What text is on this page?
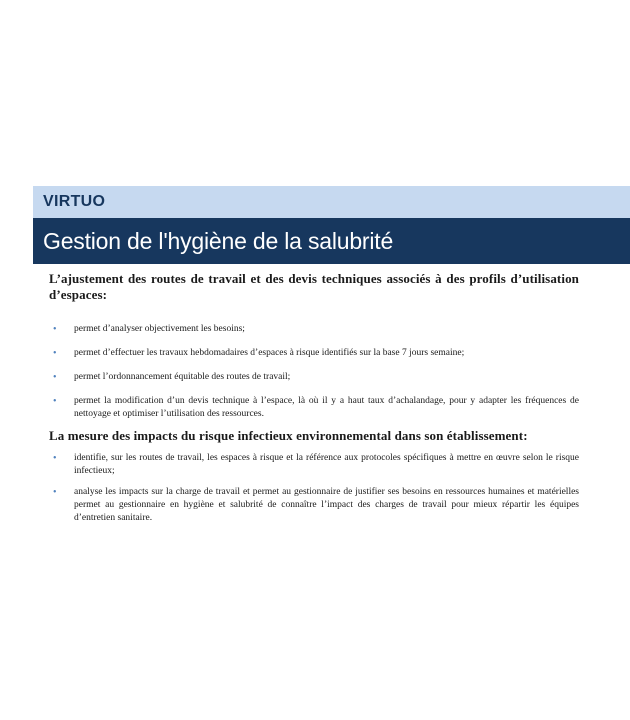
VIRTUO
Gestion de l'hygiène de la salubrité

L’ajustement des routes de travail et des devis techniques associés à des profils d’utilisation d’espaces:

• permet d’analyser objectivement les besoins;
• permet d’effectuer les travaux hebdomadaires d’espaces à risque identifiés sur la base 7 jours semaine;
• permet l’ordonnancement équitable des routes de travail;
• permet la modification d’un devis technique à l’espace, là où il y a haut taux d’achalandage, pour y adapter les fréquences de nettoyage et optimiser l’utilisation des ressources.

La mesure des impacts du risque infectieux environnemental dans son établissement:

• identifie, sur les routes de travail, les espaces à risque et la référence aux protocoles spécifiques à mettre en œuvre selon le risque infectieux;
• analyse les impacts sur la charge de travail et permet au gestionnaire de justifier ses besoins en ressources humaines et matérielles permet au gestionnaire en hygiène et salubrité de connaître l’impact des charges de travail pour mieux répartir les équipes d’entretien sanitaire.
